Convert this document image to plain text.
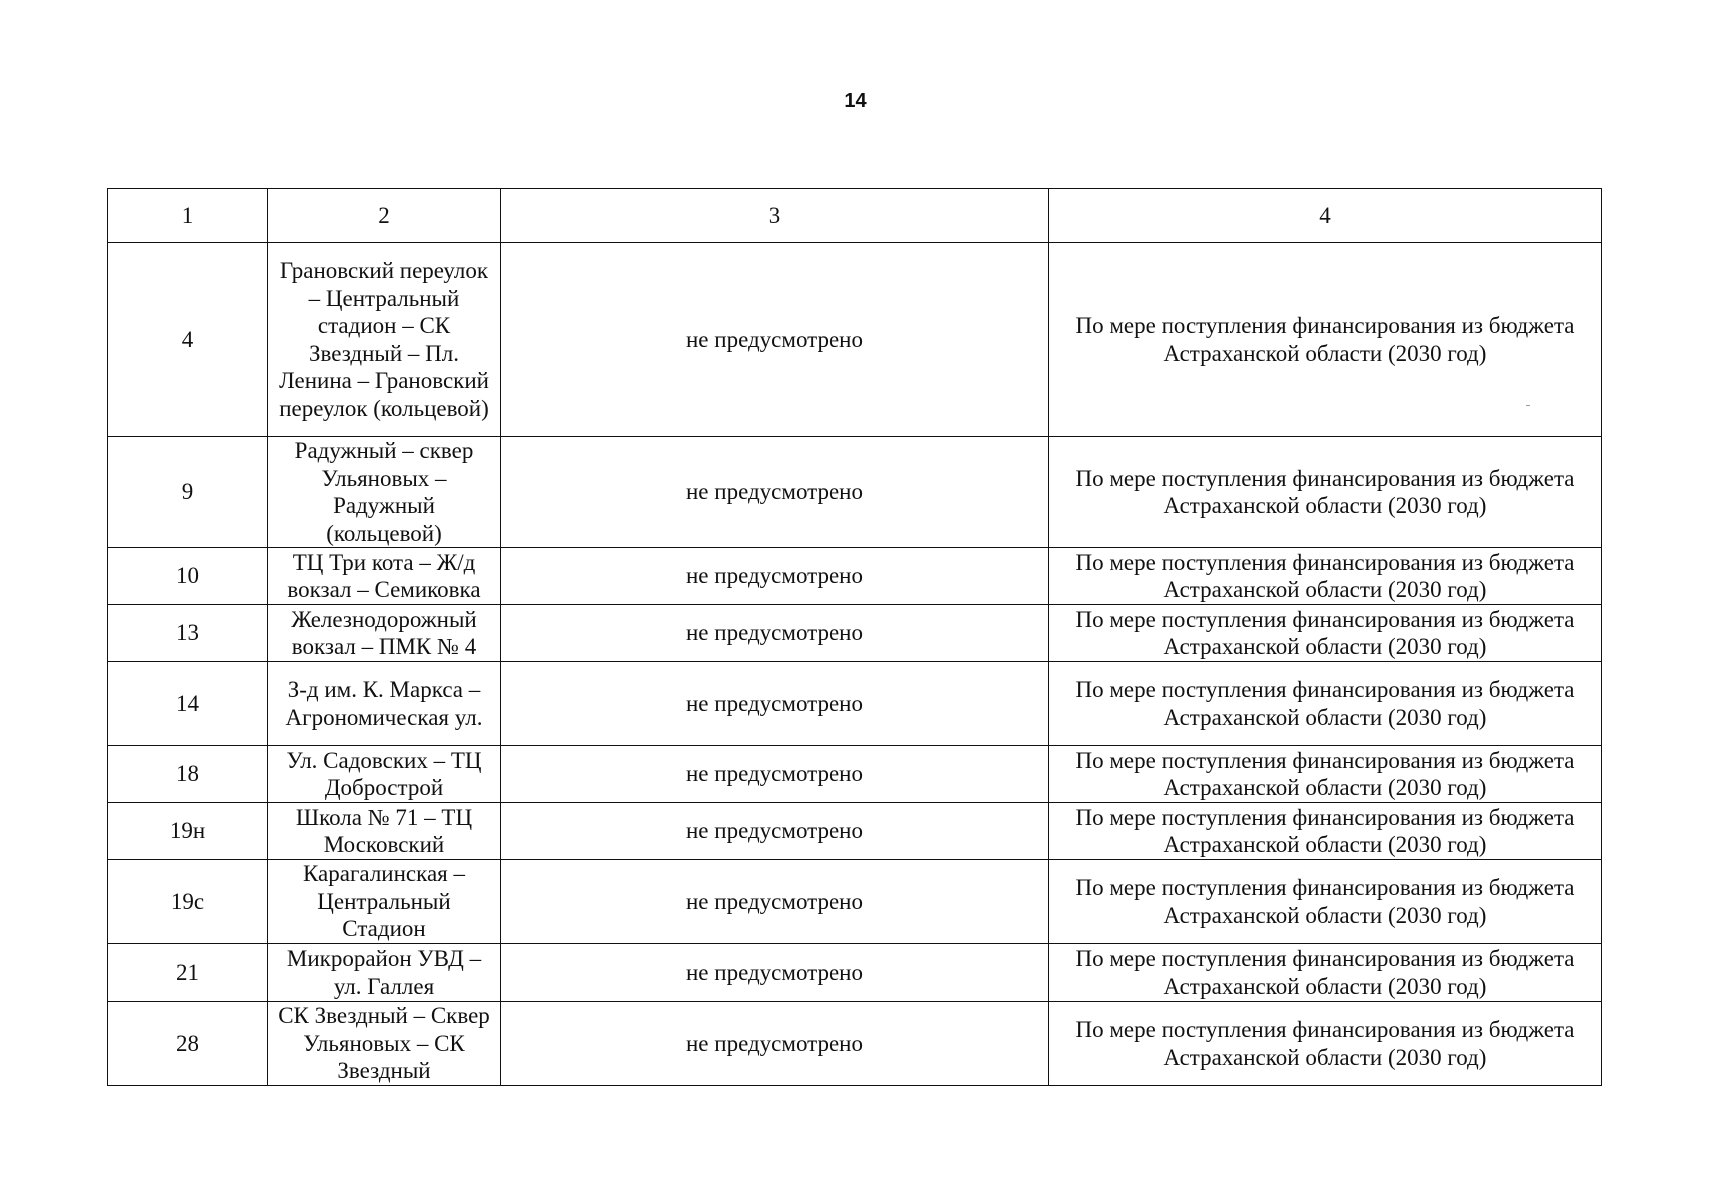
14
1	2	3	4
4	Грановский переулок – Центральный стадион – СК Звездный – Пл. Ленина – Грановский переулок (кольцевой)	не предусмотрено	По мере поступления финансирования из бюджета Астраханской области (2030 год)
9	Радужный – сквер Ульяновых – Радужный (кольцевой)	не предусмотрено	По мере поступления финансирования из бюджета Астраханской области (2030 год)
10	ТЦ Три кота – Ж/д вокзал – Семиковка	не предусмотрено	По мере поступления финансирования из бюджета Астраханской области (2030 год)
13	Железнодорожный вокзал – ПМК № 4	не предусмотрено	По мере поступления финансирования из бюджета Астраханской области (2030 год)
14	З-д им. К. Маркса – Агрономическая ул.	не предусмотрено	По мере поступления финансирования из бюджета Астраханской области (2030 год)
18	Ул. Садовских – ТЦ Добрострой	не предусмотрено	По мере поступления финансирования из бюджета Астраханской области (2030 год)
19н	Школа № 71 – ТЦ Московский	не предусмотрено	По мере поступления финансирования из бюджета Астраханской области (2030 год)
19с	Карагалинская – Центральный Стадион	не предусмотрено	По мере поступления финансирования из бюджета Астраханской области (2030 год)
21	Микрорайон УВД – ул. Галлея	не предусмотрено	По мере поступления финансирования из бюджета Астраханской области (2030 год)
28	СК Звездный – Сквер Ульяновых – СК Звездный	не предусмотрено	По мере поступления финансирования из бюджета Астраханской области (2030 год)
